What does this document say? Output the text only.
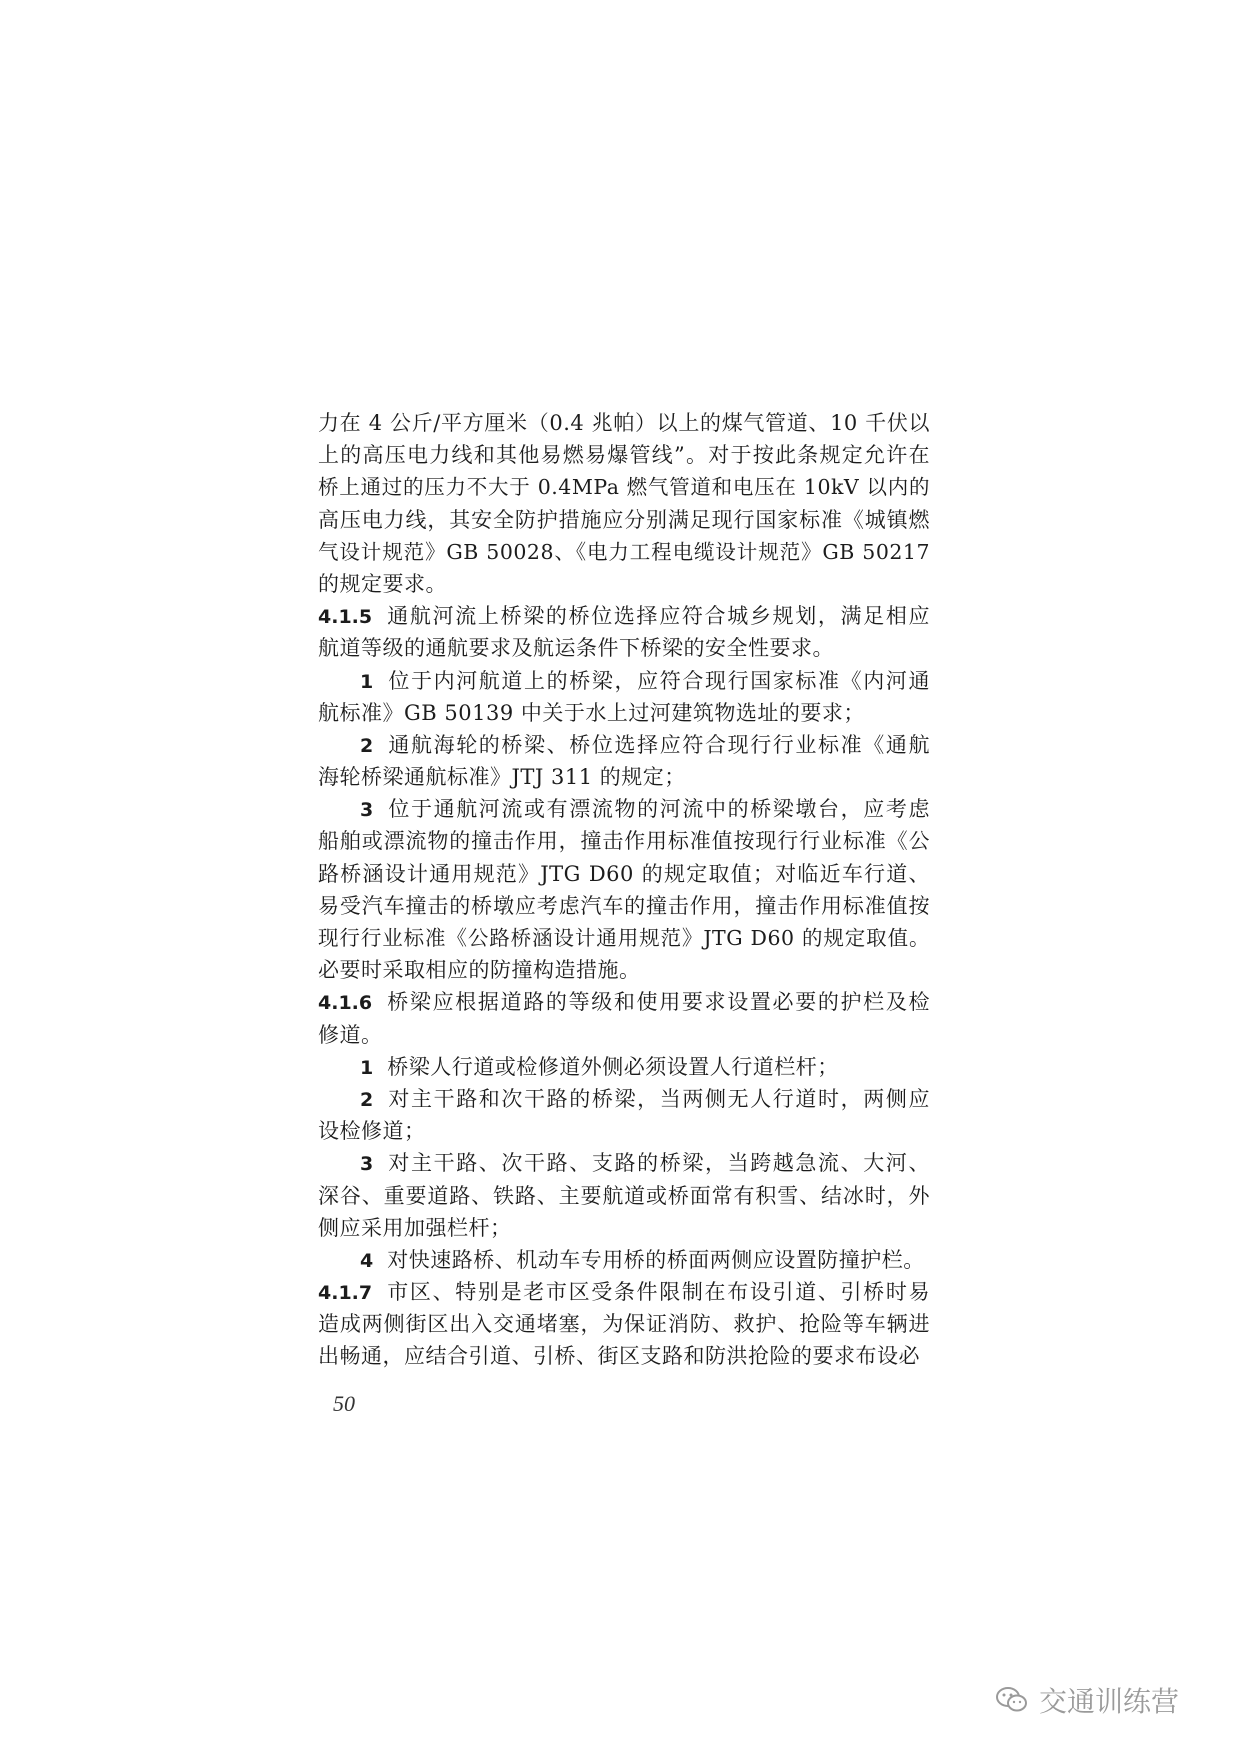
力在 4 公斤/平方厘米（0.4 兆帕）以上的煤气管道、10 千伏以
上的高压电力线和其他易燃易爆管线”。对于按此条规定允许在
桥上通过的压力不大于 0.4MPa 燃气管道和电压在 10kV 以内的
高压电力线，其安全防护措施应分别满足现行国家标准《城镇燃
气设计规范》GB 50028、《电力工程电缆设计规范》GB 50217
的规定要求。
4.1.5 通航河流上桥梁的桥位选择应符合城乡规划，满足相应
航道等级的通航要求及航运条件下桥梁的安全性要求。
1 位于内河航道上的桥梁，应符合现行国家标准《内河通
航标准》GB 50139 中关于水上过河建筑物选址的要求；
2 通航海轮的桥梁、桥位选择应符合现行行业标准《通航
海轮桥梁通航标准》JTJ 311 的规定；
3 位于通航河流或有漂流物的河流中的桥梁墩台，应考虑
船舶或漂流物的撞击作用，撞击作用标准值按现行行业标准《公
路桥涵设计通用规范》JTG D60 的规定取值；对临近车行道、
易受汽车撞击的桥墩应考虑汽车的撞击作用，撞击作用标准值按
现行行业标准《公路桥涵设计通用规范》JTG D60 的规定取值。
必要时采取相应的防撞构造措施。
4.1.6 桥梁应根据道路的等级和使用要求设置必要的护栏及检
修道。
1 桥梁人行道或检修道外侧必须设置人行道栏杆；
2 对主干路和次干路的桥梁，当两侧无人行道时，两侧应
设检修道；
3 对主干路、次干路、支路的桥梁，当跨越急流、大河、
深谷、重要道路、铁路、主要航道或桥面常有积雪、结冰时，外
侧应采用加强栏杆；
4 对快速路桥、机动车专用桥的桥面两侧应设置防撞护栏。
4.1.7 市区、特别是老市区受条件限制在布设引道、引桥时易
造成两侧街区出入交通堵塞，为保证消防、救护、抢险等车辆进
出畅通，应结合引道、引桥、街区支路和防洪抢险的要求布设必
50
交通训练营
